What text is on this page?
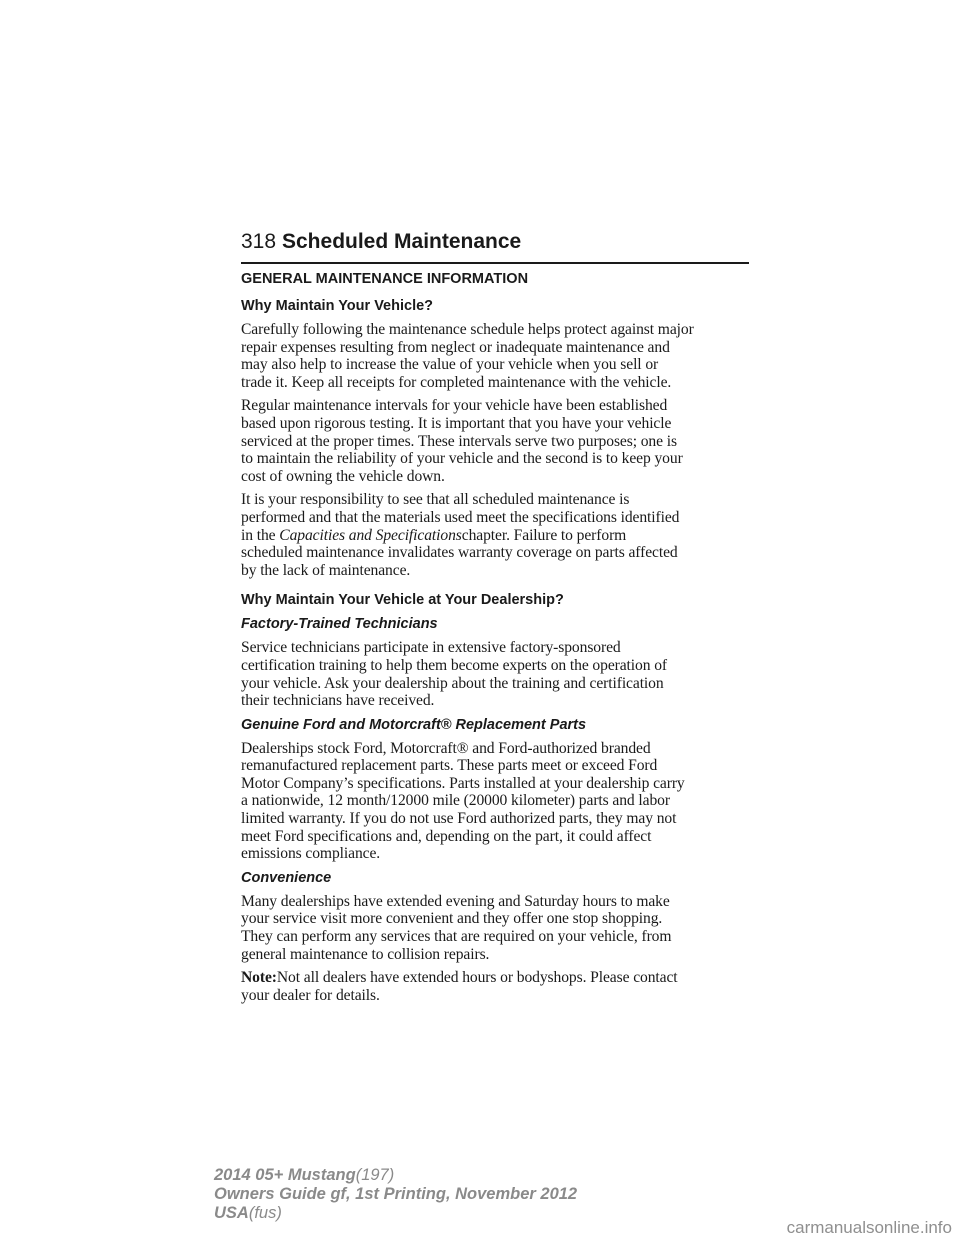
318 Scheduled Maintenance
GENERAL MAINTENANCE INFORMATION
Why Maintain Your Vehicle?

Carefully following the maintenance schedule helps protect against major
repair expenses resulting from neglect or inadequate maintenance and
may also help to increase the value of your vehicle when you sell or
trade it. Keep all receipts for completed maintenance with the vehicle.

Regular maintenance intervals for your vehicle have been established
based upon rigorous testing. It is important that you have your vehicle
serviced at the proper times. These intervals serve two purposes; one is
to maintain the reliability of your vehicle and the second is to keep your
cost of owning the vehicle down.

It is your responsibility to see that all scheduled maintenance is
performed and that the materials used meet the specifications identified
in the Capacities and Specificationschapter. Failure to perform
scheduled maintenance invalidates warranty coverage on parts affected
by the lack of maintenance.

Why Maintain Your Vehicle at Your Dealership?
Factory-Trained Technicians

Service technicians participate in extensive factory-sponsored
certification training to help them become experts on the operation of
your vehicle. Ask your dealership about the training and certification
their technicians have received.

Genuine Ford and Motorcraft® Replacement Parts

Dealerships stock Ford, Motorcraft® and Ford-authorized branded
remanufactured replacement parts. These parts meet or exceed Ford
Motor Company’s specifications. Parts installed at your dealership carry
a nationwide, 12 month/12000 mile (20000 kilometer) parts and labor
limited warranty. If you do not use Ford authorized parts, they may not
meet Ford specifications and, depending on the part, it could affect
emissions compliance.

Convenience

Many dealerships have extended evening and Saturday hours to make
your service visit more convenient and they offer one stop shopping.
They can perform any services that are required on your vehicle, from
general maintenance to collision repairs.

Note:Not all dealers have extended hours or bodyshops. Please contact
your dealer for details.

2014 05+ Mustang(197)
Owners Guide gf, 1st Printing, November 2012
USA(fus)
carmanualsonline.info
